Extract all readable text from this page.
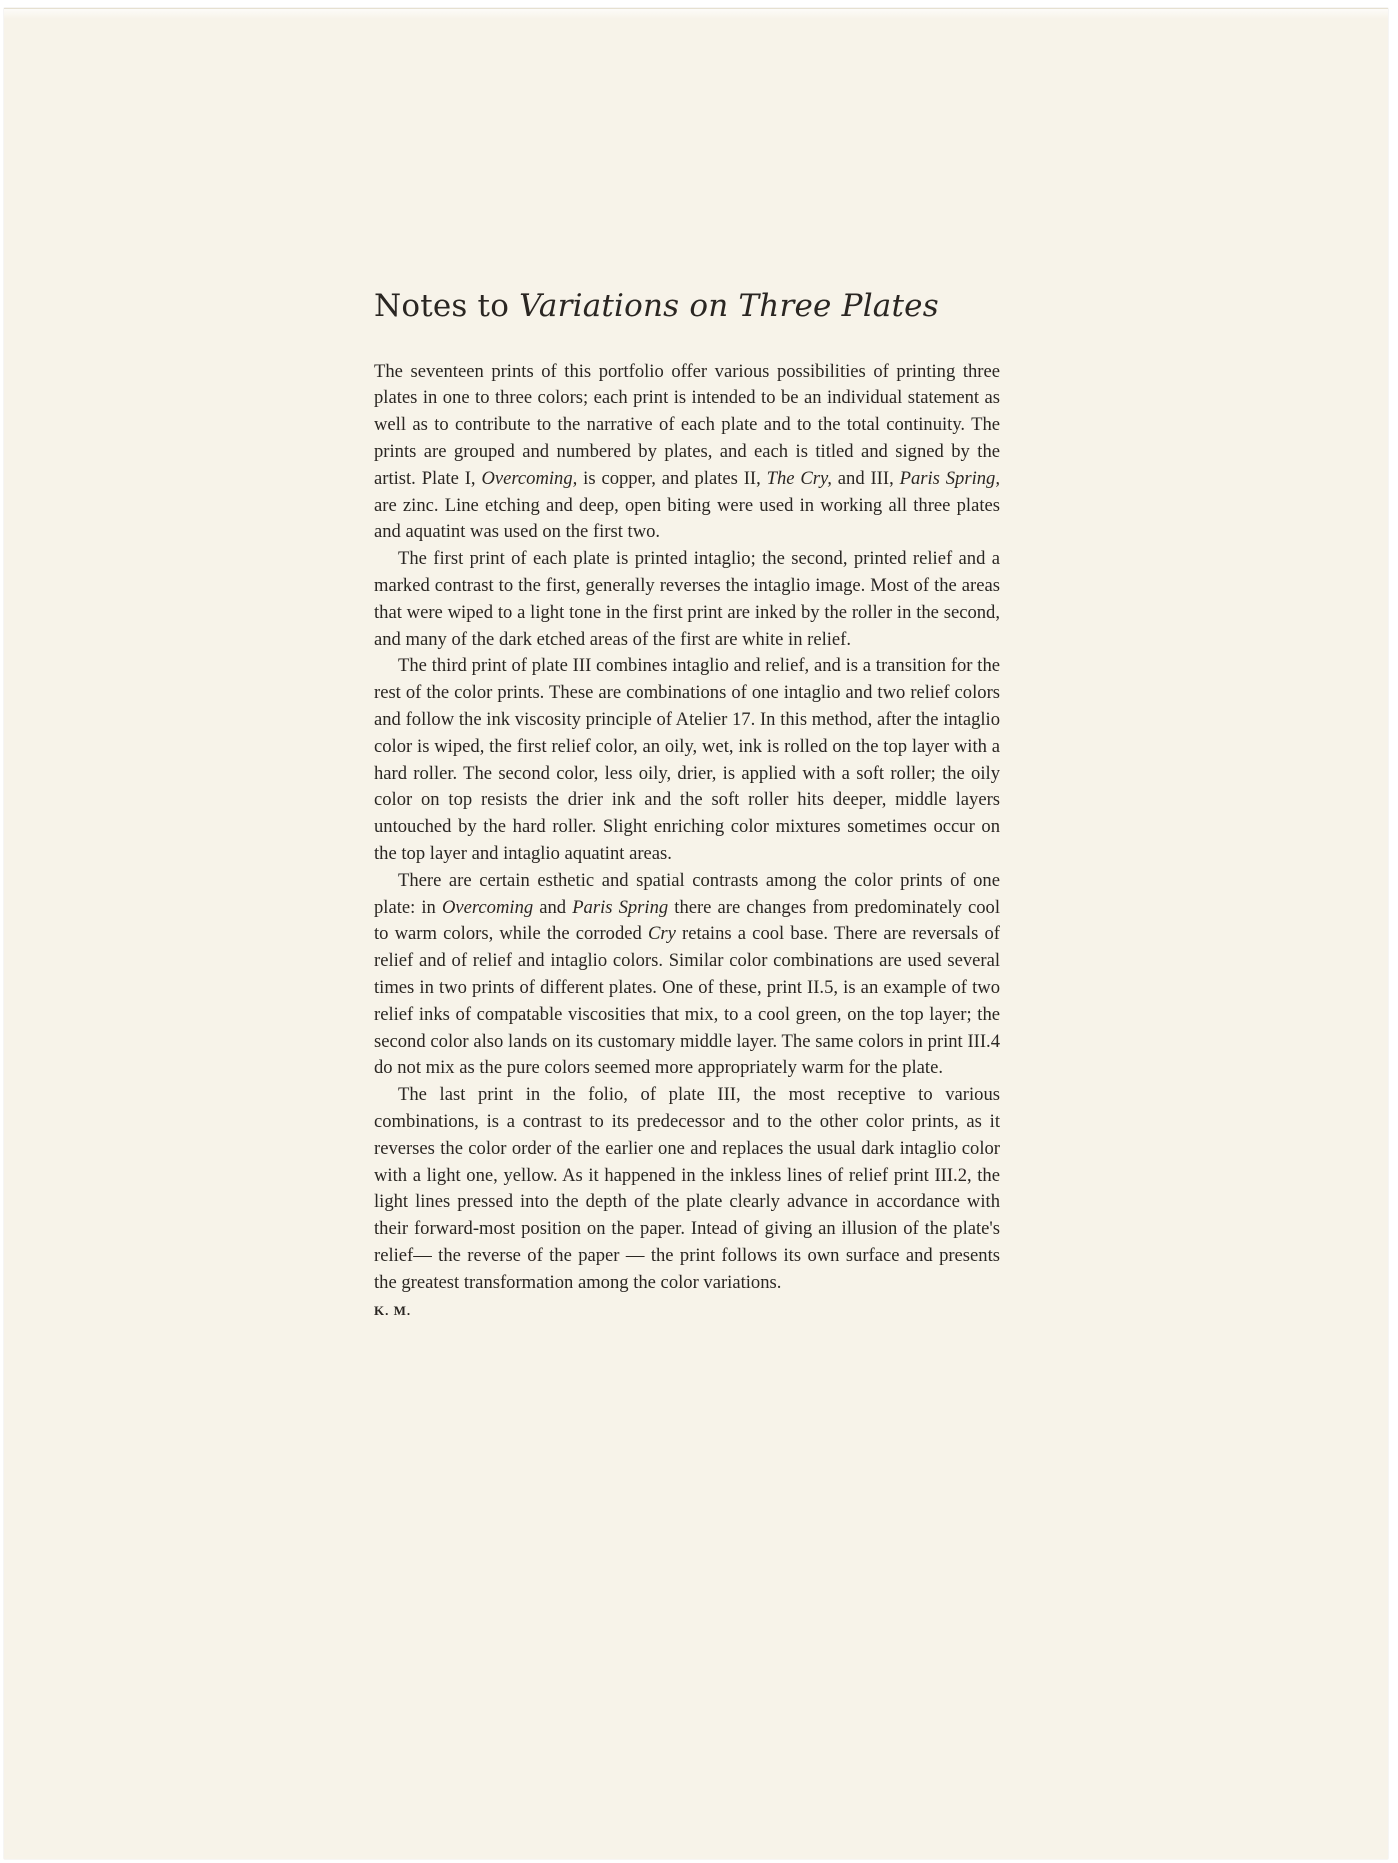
Notes to Variations on Three Plates

The seventeen prints of this portfolio offer various possibilities of printing three plates in one to three colors; each print is intended to be an individual statement as well as to contribute to the narrative of each plate and to the total continuity. The prints are grouped and numbered by plates, and each is titled and signed by the artist. Plate I, Overcoming, is copper, and plates II, The Cry, and III, Paris Spring, are zinc. Line etching and deep, open biting were used in working all three plates and aquatint was used on the first two.

The first print of each plate is printed intaglio; the second, printed relief and a marked contrast to the first, generally reverses the intaglio image. Most of the areas that were wiped to a light tone in the first print are inked by the roller in the second, and many of the dark etched areas of the first are white in relief.

The third print of plate III combines intaglio and relief, and is a transition for the rest of the color prints. These are combinations of one intaglio and two relief colors and follow the ink viscosity principle of Atelier 17. In this method, after the intaglio color is wiped, the first relief color, an oily, wet, ink is rolled on the top layer with a hard roller. The second color, less oily, drier, is applied with a soft roller; the oily color on top resists the drier ink and the soft roller hits deeper, middle layers untouched by the hard roller. Slight enriching color mixtures sometimes occur on the top layer and intaglio aquatint areas.

There are certain esthetic and spatial contrasts among the color prints of one plate: in Overcoming and Paris Spring there are changes from predominately cool to warm colors, while the corroded Cry retains a cool base. There are reversals of relief and of relief and intaglio colors. Similar color combinations are used several times in two prints of different plates. One of these, print II.5, is an example of two relief inks of compatable viscosities that mix, to a cool green, on the top layer; the second color also lands on its customary middle layer. The same colors in print III.4 do not mix as the pure colors seemed more appropriately warm for the plate.

The last print in the folio, of plate III, the most receptive to various combinations, is a contrast to its predecessor and to the other color prints, as it reverses the color order of the earlier one and replaces the usual dark intaglio color with a light one, yellow. As it happened in the inkless lines of relief print III.2, the light lines pressed into the depth of the plate clearly advance in accordance with their forward-most position on the paper. Intead of giving an illusion of the plate's relief— the reverse of the paper — the print follows its own surface and presents the greatest transformation among the color variations.

K. M.
